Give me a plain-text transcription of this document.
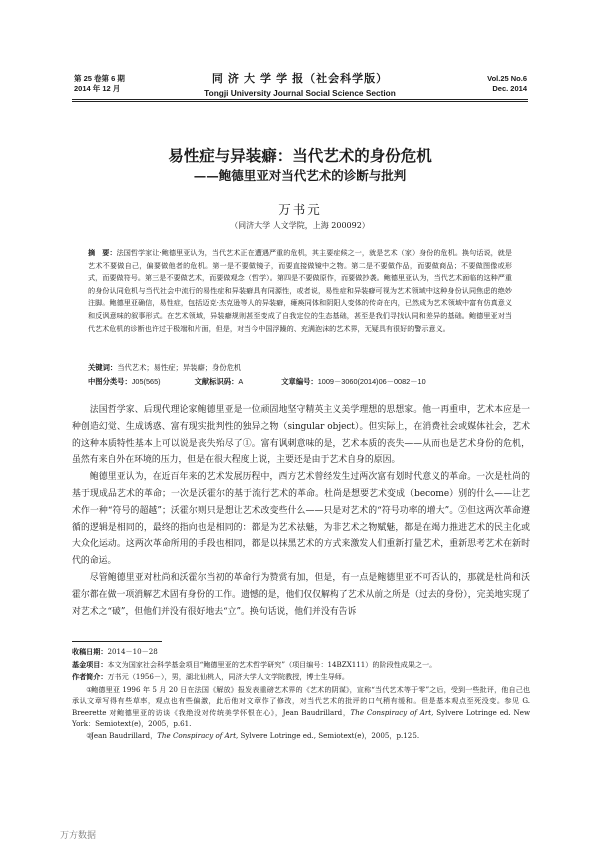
第 25 卷第 6 期
2014 年 12 月
同 济 大 学 学 报（社会科学版）
Tongji University Journal Social Science Section
Vol.25 No.6
Dec. 2014
易性症与异装癖：当代艺术的身份危机
——鲍德里亚对当代艺术的诊断与批判
万书元
（同济大学 人文学院，上海 200092）
摘　要：法国哲学家让·鲍德里亚认为，当代艺术正在遭遇严重的危机，其主要症候之一，就是艺术（家）身份的危机。换句话说，就是艺术不要做自己，偏要做他者的危机。第一是不要做镜子，而要直接做镜中之物。第二是不要做作品，而要做商品；不要做图像或形式，而要做符号。第三是不要做艺术，而要做观念（哲学）。第四是不要做原作，而要做抄袭。鲍德里亚认为，当代艺术面临的这种严重的身份认同危机与当代社会中流行的易性症和异装癖具有同源性，或者说，易性症和异装癖可视为艺术领域中这种身份认同焦虑的绝妙注脚。鲍德里亚确信，易性症，包括迈克·杰克逊等人的异装癖，瘫痪同体和阴阳人变体的传奇在内，已然成为艺术领域中富有仿真意义和反讽意味的叙事形式。在艺术领域，异装癖规则甚至变成了自我定位的生态基础，甚至是我们寻找认同和差异的基础。鲍德里亚对当代艺术危机的诊断也许过于极端和片面，但是，对当今中国浮躁的、充满泡沫的艺术界，无疑具有很好的警示意义。
关键词：当代艺术；易性症；异装癖；身份危机
中图分类号：J05(565)	文献标识码：A	文章编号：1009－3060(2014)06－0082－10

法国哲学家、后现代理论家鲍德里亚是一位顽固地坚守精英主义美学理想的思想家。他一再重申，艺术本应是一种创造幻觉、生成诱惑、富有现实批判性的独异之物（singular object）。但实际上，在消费社会或媒体社会，艺术的这种本质特性基本上可以说是丧失殆尽了①。富有讽刺意味的是，艺术本质的丧失——从而也是艺术身份的危机，虽然有来自外在环境的压力，但是在很大程度上说，主要还是由于艺术自身的原因。

鲍德里亚认为，在近百年来的艺术发展历程中，西方艺术曾经发生过两次富有划时代意义的革命。一次是杜尚的基于现成品艺术的革命；一次是沃霍尔的基于流行艺术的革命。杜尚是想要艺术变成（become）别的什么——让艺术作一种“符号的超越”；沃霍尔则只是想让艺术改变些什么——只是对艺术的“符号功率的增大”。②但这两次革命遵循的逻辑是相同的，最终的指向也是相同的：都是为艺术祛魅，为非艺术之物赋魅，都是在竭力推进艺术的民主化或大众化运动。这两次革命所用的手段也相同，都是以抹黑艺术的方式来激发人们重新打量艺术，重新思考艺术在新时代的命运。

尽管鲍德里亚对杜尚和沃霍尔当初的革命行为赞赏有加，但是，有一点是鲍德里亚不可否认的，那就是杜尚和沃霍尔都在做一项消解艺术固有身份的工作。遗憾的是，他们仅仅解构了艺术从前之所是（过去的身份），完美地实现了对艺术之“破”，但他们并没有很好地去“立”。换句话说，他们并没有告诉

收稿日期：2014－10－28
基金项目：本文为国家社会科学基金项目“鲍德里亚的艺术哲学研究”（项目编号：14BZX111）的阶段性成果之一。
作者简介：万书元（1956－），男，湖北仙桃人，同济大学人文学院教授，博士生导师。
①鲍德里亚 1996 年 5 月 20 日在法国《解放》报发表重磅艺术界的《艺术的阴谋》，宣称“当代艺术等于零”之后，受到一些批评，他自己也承认文章写得有些草率，观点也有些偏激，此后他对文章作了修改，对当代艺术的批评的口气稍有缓和。但是基本观点至死没变。参见 G. Breerette 对鲍德里亚的访谈《我绝没对传统美学怀恨在心》，Jean Baudrillard，The Conspiracy of Art, Sylvere Lotringe ed. New York：Semiotext(e)，2005，p.61.
②Jean Baudrillard，The Conspiracy of Art, Sylvere Lotringe ed., Semiotext(e)，2005，p.125.
万方数据
